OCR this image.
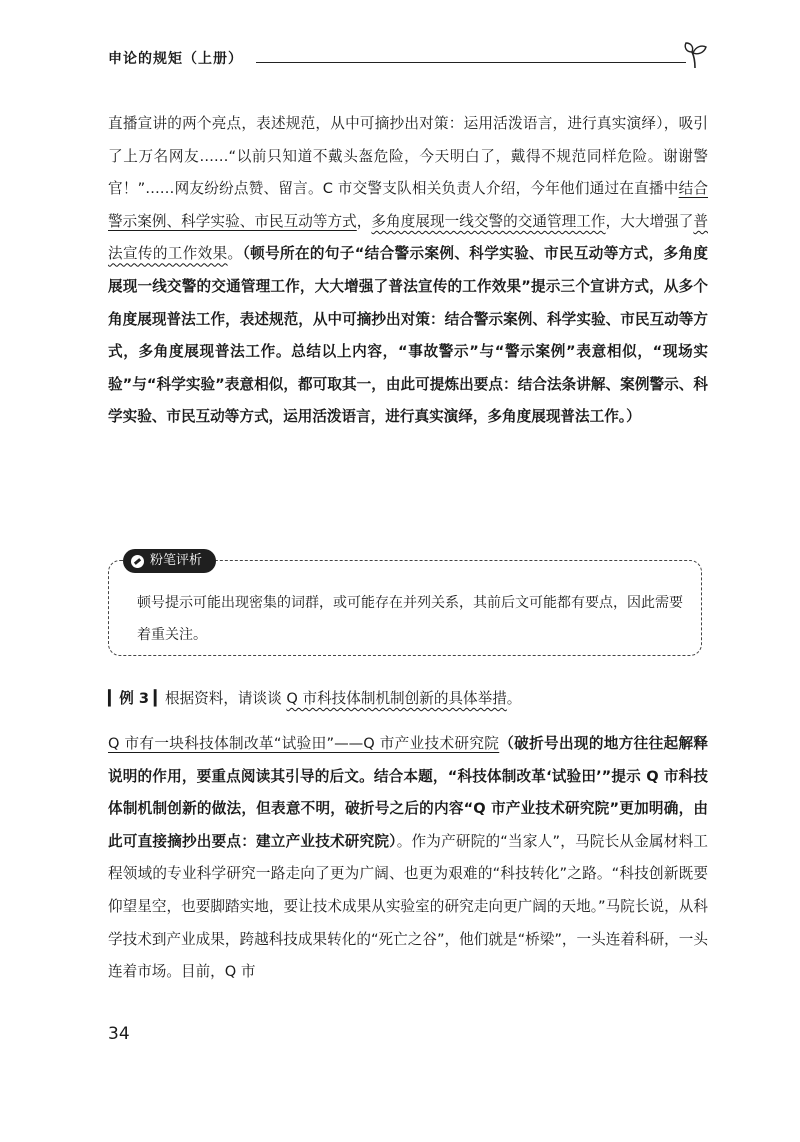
申论的规矩（上册）

直播宣讲的两个亮点，表述规范，从中可摘抄出对策：运用活泼语言，进行真实演绎），吸引了上万名网友……“以前只知道不戴头盔危险，今天明白了，戴得不规范同样危险。谢谢警官！”……网友纷纷点赞、留言。C 市交警支队相关负责人介绍，今年他们通过在直播中结合警示案例、科学实验、市民互动等方式，多角度展现一线交警的交通管理工作，大大增强了普法宣传的工作效果。（顿号所在的句子“结合警示案例、科学实验、市民互动等方式，多角度展现一线交警的交通管理工作，大大增强了普法宣传的工作效果”提示三个宣讲方式，从多个角度展现普法工作，表述规范，从中可摘抄出对策：结合警示案例、科学实验、市民互动等方式，多角度展现普法工作。总结以上内容，“事故警示”与“警示案例”表意相似，“现场实验”与“科学实验”表意相似，都可取其一，由此可提炼出要点：结合法条讲解、案例警示、科学实验、市民互动等方式，运用活泼语言，进行真实演绎，多角度展现普法工作。）

粉笔评析

顿号提示可能出现密集的词群，或可能存在并列关系，其前后文可能都有要点，因此需要着重关注。

▎例 3 ▎根据资料，请谈谈 Q 市科技体制机制创新的具体举措。

Q 市有一块科技体制改革“试验田”——Q 市产业技术研究院（破折号出现的地方往往起解释说明的作用，要重点阅读其引导的后文。结合本题，“科技体制改革‘试验田’”提示 Q 市科技体制机制创新的做法，但表意不明，破折号之后的内容“Q 市产业技术研究院”更加明确，由此可直接摘抄出要点：建立产业技术研究院）。作为产研院的“当家人”，马院长从金属材料工程领域的专业科学研究一路走向了更为广阔、也更为艰难的“科技转化”之路。“科技创新既要仰望星空，也要脚踏实地，要让技术成果从实验室的研究走向更广阔的天地。”马院长说，从科学技术到产业成果，跨越科技成果转化的“死亡之谷”，他们就是“桥梁”，一头连着科研，一头连着市场。目前，Q 市

34
